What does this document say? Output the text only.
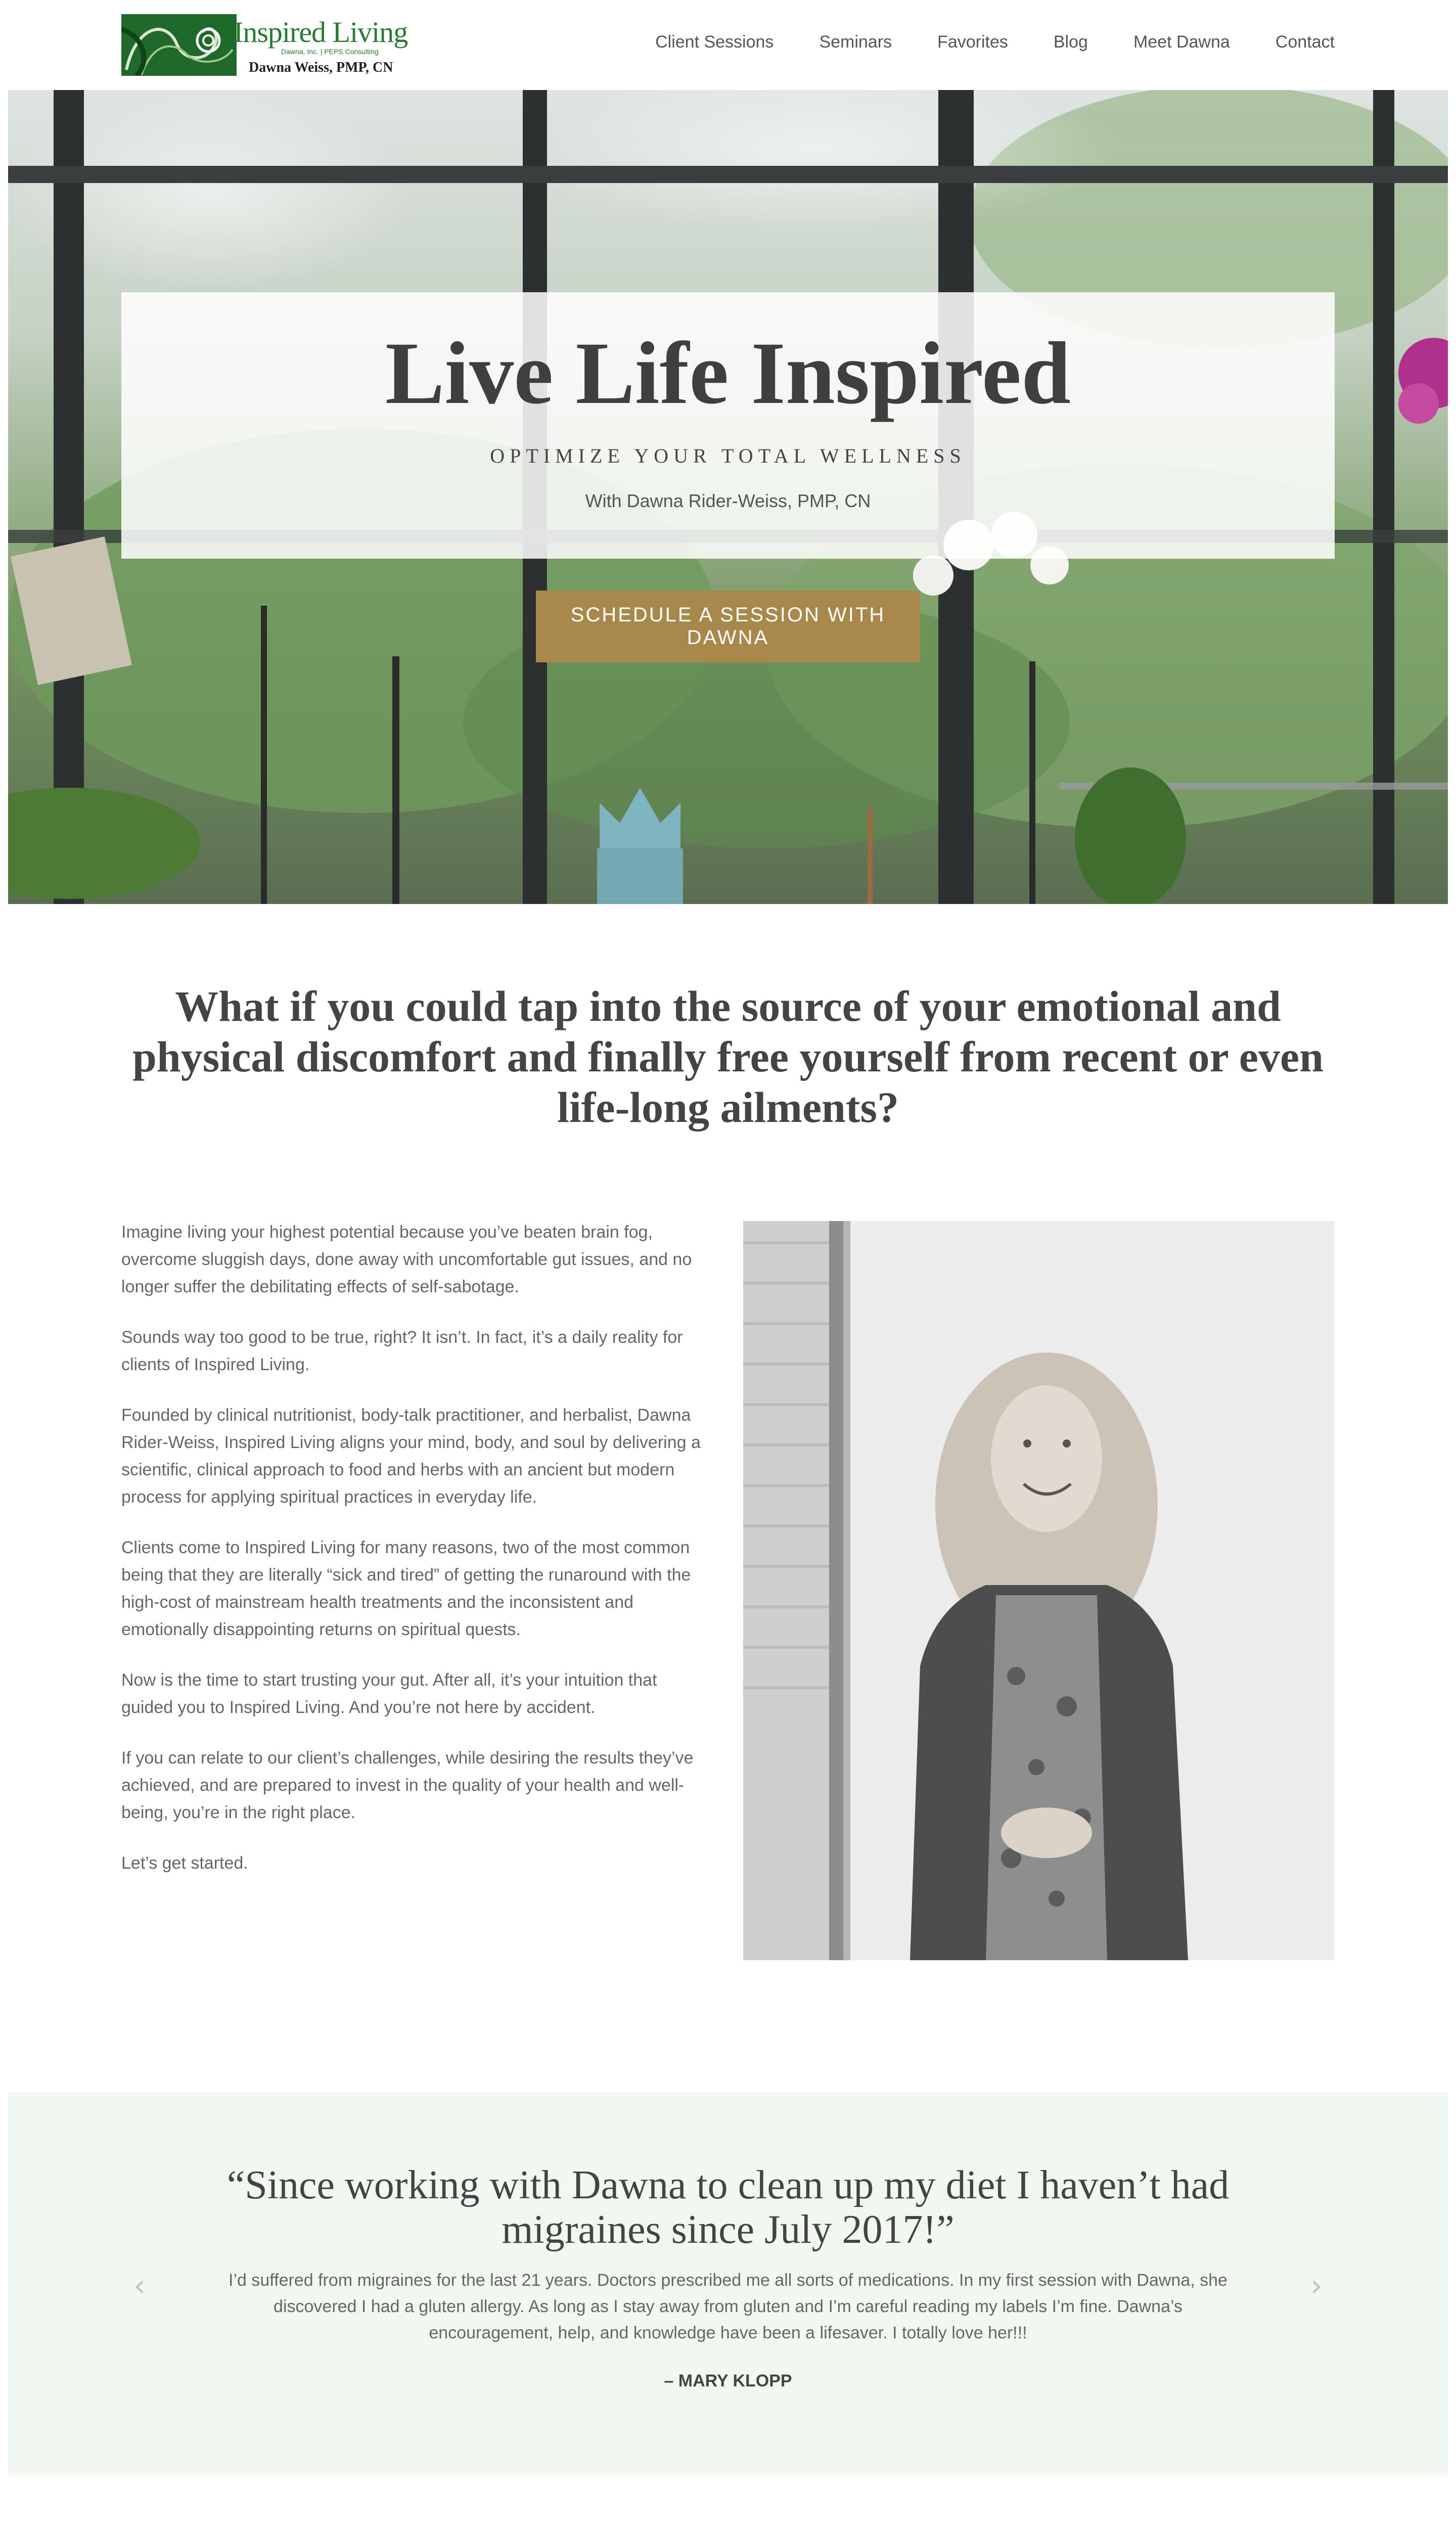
Inspired Living
Dawna, Inc. | PEPS Consulting
Dawna Weiss, PMP, CN
Client Sessions	Seminars	Favorites	Blog	Meet Dawna	Contact
Live Life Inspired
OPTIMIZE YOUR TOTAL WELLNESS
With Dawna Rider-Weiss, PMP, CN
SCHEDULE A SESSION WITH DAWNA
What if you could tap into the source of your emotional and physical discomfort and finally free yourself from recent or even life-long ailments?

Imagine living your highest potential because you’ve beaten brain fog, overcome sluggish days, done away with uncomfortable gut issues, and no longer suffer the debilitating effects of self-sabotage.

Sounds way too good to be true, right? It isn’t. In fact, it’s a daily reality for clients of Inspired Living.

Founded by clinical nutritionist, body-talk practitioner, and herbalist, Dawna Rider-Weiss, Inspired Living aligns your mind, body, and soul by delivering a scientific, clinical approach to food and herbs with an ancient but modern process for applying spiritual practices in everyday life.

Clients come to Inspired Living for many reasons, two of the most common being that they are literally “sick and tired” of getting the runaround with the high-cost of mainstream health treatments and the inconsistent and emotionally disappointing returns on spiritual quests.

Now is the time to start trusting your gut. After all, it’s your intuition that guided you to Inspired Living. And you’re not here by accident.

If you can relate to our client’s challenges, while desiring the results they’ve achieved, and are prepared to invest in the quality of your health and well-being, you’re in the right place.

Let’s get started.

‹
“Since working with Dawna to clean up my diet I haven’t had migraines since July 2017!”
I’d suffered from migraines for the last 21 years. Doctors prescribed me all sorts of medications. In my first session with Dawna, she discovered I had a gluten allergy. As long as I stay away from gluten and I’m careful reading my labels I’m fine. Dawna’s encouragement, help, and knowledge have been a lifesaver. I totally love her!!!
– MARY KLOPP
›
